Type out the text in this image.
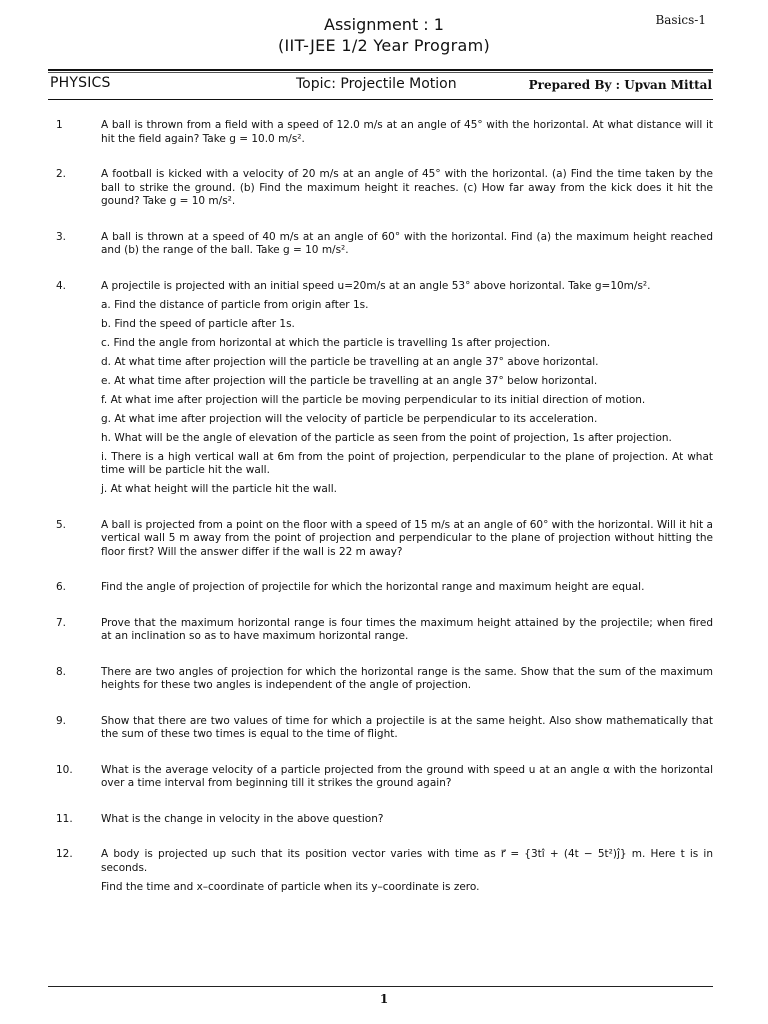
Basics-1
Assignment : 1
(IIT-JEE 1/2 Year Program)
PHYSICS	Topic: Projectile Motion	Prepared By : Upvan Mittal
1	A ball is thrown from a field with a speed of 12.0 m/s at an angle of 45° with the horizontal. At what distance will it hit the field again? Take g = 10.0 m/s².
2.	A football is kicked with a velocity of 20 m/s at an angle of 45° with the horizontal. (a) Find the time taken by the ball to strike the ground. (b) Find the maximum height it reaches. (c) How far away from the kick does it hit the gound? Take g = 10 m/s².
3.	A ball is thrown at a speed of 40 m/s at an angle of 60° with the horizontal. Find (a) the maximum height reached and (b) the range of the ball. Take g = 10 m/s².
4.	A projectile is projected with an initial speed u=20m/s at an angle 53° above horizontal. Take g=10m/s².
a. Find the distance of particle from origin after 1s.
b. Find the speed of particle after 1s.
c. Find the angle from horizontal at which the particle is travelling 1s after projection.
d. At what time after projection will the particle be travelling at an angle 37° above horizontal.
e. At what time after projection will the particle be travelling at an angle 37° below horizontal.
f. At what ime after projection will the particle be moving perpendicular to its initial direction of motion.
g. At what ime after projection will the velocity of particle be perpendicular to its acceleration.
h. What will be the angle of elevation of the particle as seen from the point of projection, 1s after projection.
i. There is a high vertical wall at 6m from the point of projection, perpendicular to the plane of projection. At what time will be particle hit the wall.
j. At what height will the particle hit the wall.
5.	A ball is projected from a point on the floor with a speed of 15 m/s at an angle of 60° with the horizontal. Will it hit a vertical wall 5 m away from the point of projection and perpendicular to the plane of projection without hitting the floor first? Will the answer differ if the wall is 22 m away?
6.	Find the angle of projection of projectile for which the horizontal range and maximum height are equal.
7.	Prove that the maximum horizontal range is four times the maximum height attained by the projectile; when fired at an inclination so as to have maximum horizontal range.
8.	There are two angles of projection for which the horizontal range is the same. Show that the sum of the maximum heights for these two angles is independent of the angle of projection.
9.	Show that there are two values of time for which a projectile is at the same height. Also show mathematically that the sum of these two times is equal to the time of flight.
10.	What is the average velocity of a particle projected from the ground with speed u at an angle α with the horizontal over a time interval from beginning till it strikes the ground again?
11.	What is the change in velocity in the above question?
12.	A body is projected up such that its position vector varies with time as r⃗ = {3tî + (4t − 5t²)ĵ} m. Here t is in seconds.
Find the time and x–coordinate of particle when its y–coordinate is zero.
1
